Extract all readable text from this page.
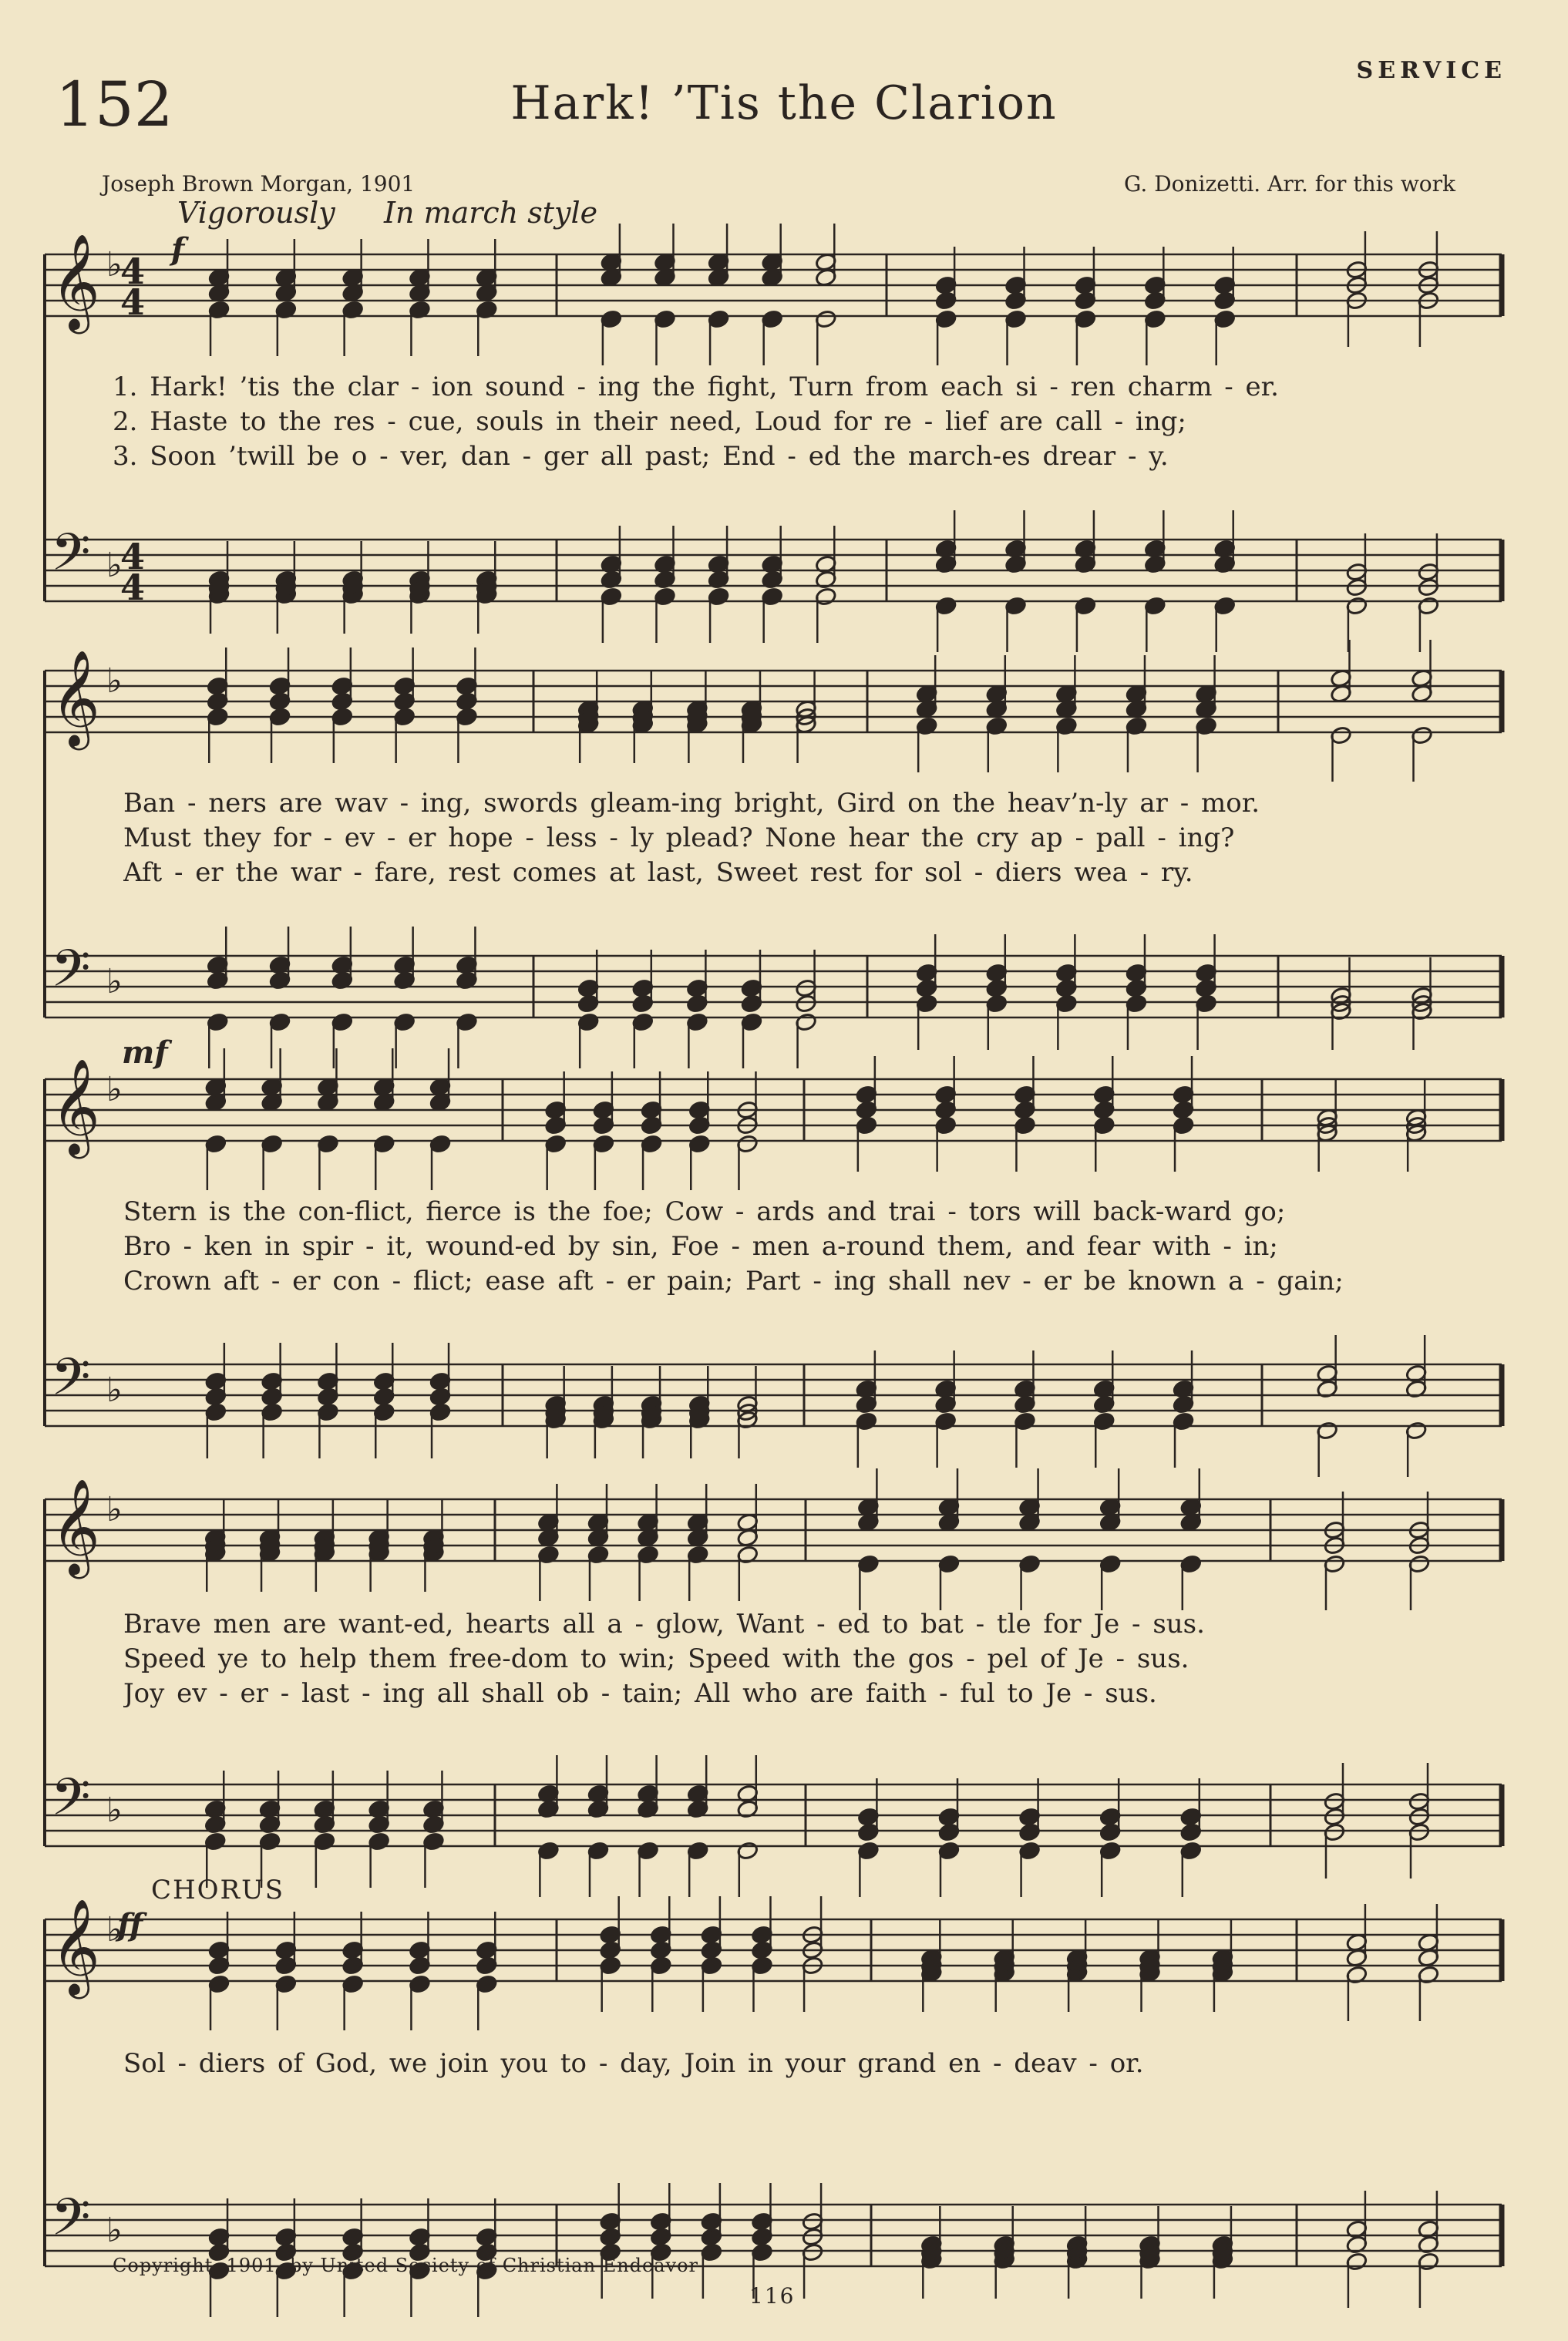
152	Hark! ’Tis the Clarion
SERVICE
Joseph Brown Morgan, 1901	G. Donizetti. Arr. for this work
Vigorously In march style
f
mf
CHORUS
ff
𝄞 ♭
𝄢 ♭
4
4
4
4
𝄞 ♭
𝄢 ♭
𝄞 ♭
𝄢 ♭
𝄞 ♭
𝄢 ♭
𝄞 ♭
𝄢 ♭
1. Hark! ’tis the clar - ion sound - ing the fight, Turn from each si - ren charm - er.
2. Haste to the res - cue, souls in their need, Loud for re - lief are call - ing;
3. Soon ’twill be o - ver, dan - ger all past; End - ed the march-es drear - y.
Ban - ners are wav - ing, swords gleam-ing bright, Gird on the heav’n-ly ar - mor.
Must they for - ev - er hope - less - ly plead? None hear the cry ap - pall - ing?
Aft - er the war - fare, rest comes at last, Sweet rest for sol - diers wea - ry.
Stern is the con-flict, fierce is the foe; Cow - ards and trai - tors will back-ward go;
Bro - ken in spir - it, wound-ed by sin, Foe - men a-round them, and fear with - in;
Crown aft - er con - flict; ease aft - er pain; Part - ing shall nev - er be known a - gain;
Brave men are want-ed, hearts all a - glow, Want - ed to bat - tle for Je - sus.
Speed ye to help them free-dom to win; Speed with the gos - pel of Je - sus.
Joy ev - er - last - ing all shall ob - tain; All who are faith - ful to Je - sus.
Sol - diers of God, we join you to - day, Join in your grand en - deav - or.
Copyright, 1901, by United Society of Christian Endeavor
116
